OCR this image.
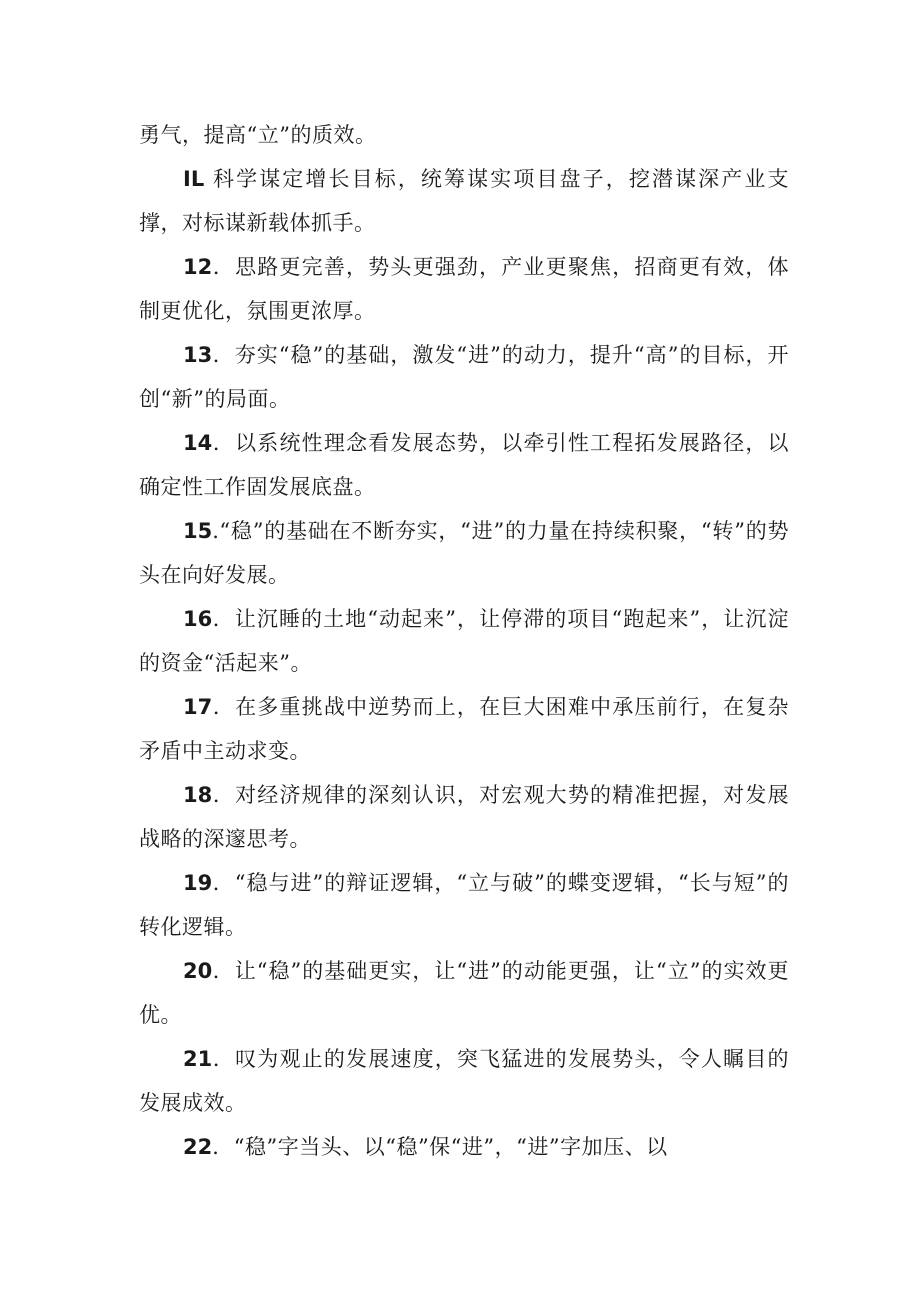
勇气，提高“立”的质效。

IL 科学谋定增长目标，统筹谋实项目盘子，挖潜谋深产业支撑，对标谋新载体抓手。

12．思路更完善，势头更强劲，产业更聚焦，招商更有效，体制更优化，氛围更浓厚。

13．夯实“稳”的基础，激发“进”的动力，提升“高”的目标，开创“新”的局面。

14．以系统性理念看发展态势，以牵引性工程拓发展路径，以确定性工作固发展底盘。

15.“稳”的基础在不断夯实，“进”的力量在持续积聚，“转”的势头在向好发展。

16．让沉睡的土地“动起来”，让停滞的项目“跑起来”，让沉淀的资金“活起来”。

17．在多重挑战中逆势而上，在巨大困难中承压前行，在复杂矛盾中主动求变。

18．对经济规律的深刻认识，对宏观大势的精准把握，对发展战略的深邃思考。

19．“稳与进”的辩证逻辑，“立与破”的蝶变逻辑，“长与短”的转化逻辑。

20．让“稳”的基础更实，让“进”的动能更强，让“立”的实效更优。

21．叹为观止的发展速度，突飞猛进的发展势头，令人瞩目的发展成效。

22．“稳”字当头、以“稳”保“进”，“进”字加压、以
